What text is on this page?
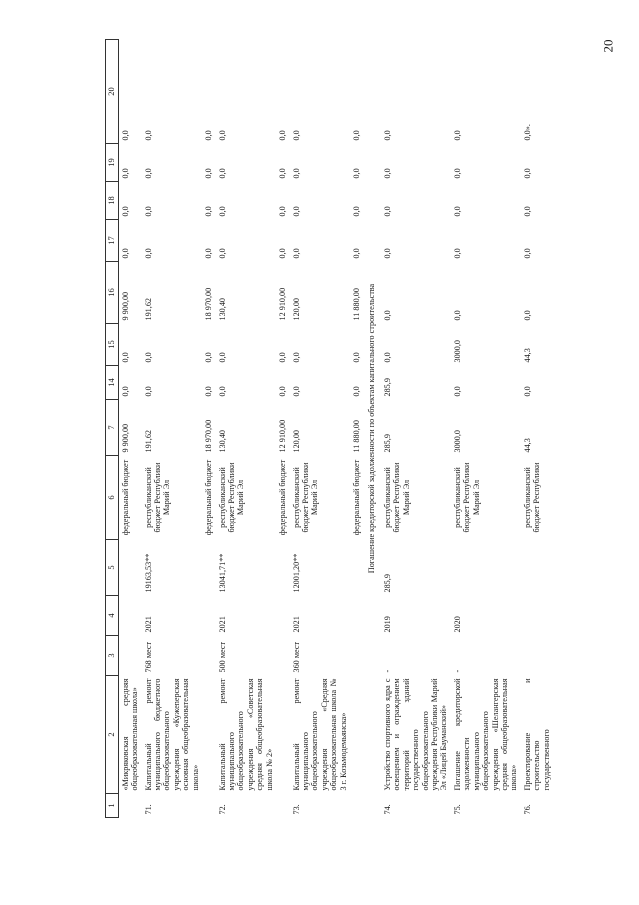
20
1	2	3	4	5	6	7	14	15	16	17	18	19	20
	«Микряковская средняя общеобразовательная школа»				федеральный бюджет	9 900,00	0,0	0,0	9 900,00	0,0	0,0	0,0	0,0
71.	Капитальный ремонт муниципального бюджетного общеобразовательного учреждения «Кужenерская основная общеобразовательная школа»	768 мест	2021	19163,53**	республиканский бюджет Республики Марий Эл	191,62	0,0	0,0	191,62	0,0	0,0	0,0	0,0
					федеральный бюджет	18 970,00	0,0	0,0	18 970,00	0,0	0,0	0,0	0,0
72.	Капитальный ремонт муниципального общеобразовательного учреждения «Советская средняя общеобразовательная школа № 2»	500 мест	2021	13041,71**	республиканский бюджет Республики Марий Эл	130,40	0,0	0,0	130,40	0,0	0,0	0,0	0,0
					федеральный бюджет	12 910,00	0,0	0,0	12 910,00	0,0	0,0	0,0	0,0
73.	Капитальный ремонт муниципального общеобразовательного учреждения «Средняя общеобразовательная школа № 3 г. Козьмодемьянска»	360 мест	2021	12001,20**	республиканский бюджет Республики Марий Эл	120,00	0,0	0,0	120,00	0,0	0,0	0,0	0,0
					федеральный бюджет	11 880,00	0,0	0,0	11 880,00	0,0	0,0	0,0	0,0
Погашение кредиторской задолженности по объектам капитального строительства													
74.	Устройство спортивного ядра с освещением и ограждением территорий зданий государственного общеобразовательного учреждения Республики Марий Эл «Лицей Бауманский»	-	2019	285,9	республиканский бюджет Республики Марий Эл	285,9	285,9	0,0	0,0	0,0	0,0	0,0	0,0
75.	Погашение кредиторской задолженности муниципального общеобразовательного учреждения «Шелангерская средняя общеобразовательная школа»	-	2020		республиканский бюджет Республики Марий Эл	3000,0	0,0	3000,0	0,0	0,0	0,0	0,0	0,0
76.	Проектирование и строительство государственного				республиканский бюджет Республики	44,3	0,0	44,3	0,0	0,0	0,0	0,0	0,0».
